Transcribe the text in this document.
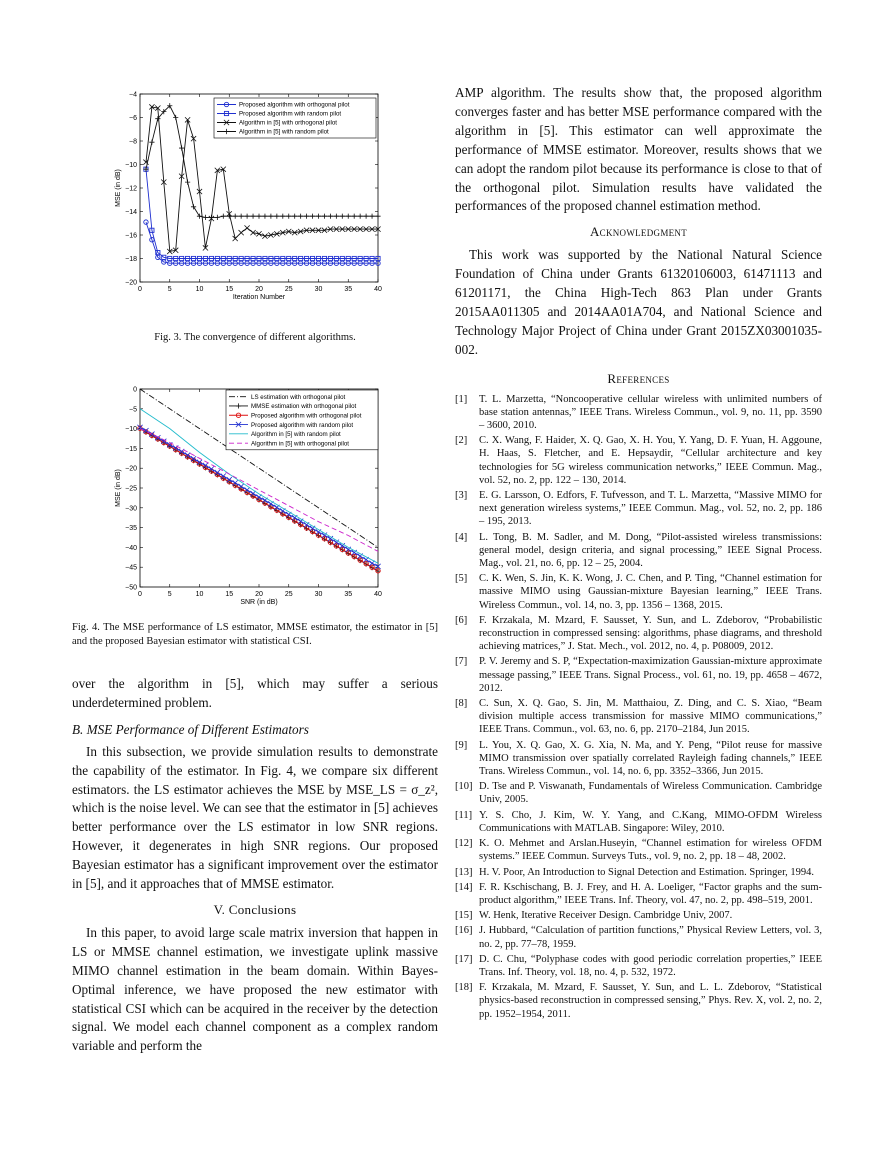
0	5	10	15	20	25	30	35	40
−4
−6
−8
−10
−12
−14
−16
−18
−20
Iteration Number
MSE (in dB)
Proposed algorithm with orthogonal pilot
Proposed algorithm with random pilot
Algorithm in [5] with orthogonal pilot
Algorithm in [5] with random pilot
Fig. 3. The convergence of different algorithms.
0	5	10	15	20	25	30	35	40
0
−5
−10
−15
−20
−25
−30
−35
−40
−45
−50
SNR (in dB)
MSE (in dB)
LS estimation with orthogonal pilot
MMSE estimation with orthogonal pilot
Proposed algorithm with orthogonal pilot
Proposed algorithm with random pilot
Algorithm in [5] with random pilot
Algorithm in [5] with orthogonal pilot
Fig. 4. The MSE performance of LS estimator, MMSE estimator, the estimator in [5] and the proposed Bayesian estimator with statistical CSI.

over the algorithm in [5], which may suffer a serious underdetermined problem.

B. MSE Performance of Different Estimators

In this subsection, we provide simulation results to demonstrate the capability of the estimator. In Fig. 4, we compare six different estimators. the LS estimator achieves the MSE by MSE_LS = σ_z², which is the noise level. We can see that the estimator in [5] achieves better performance over the LS estimator in low SNR regions. However, it degenerates in high SNR regions. Our proposed Bayesian estimator has a significant improvement over the estimator in [5], and it approaches that of MMSE estimator.

V. Conclusions

In this paper, to avoid large scale matrix inversion that happen in LS or MMSE channel estimation, we investigate uplink massive MIMO channel estimation in the beam domain. Within Bayes-Optimal inference, we have proposed the new estimator with statistical CSI which can be acquired in the receiver by the detection signal. We model each channel component as a complex random variable and perform the

AMP algorithm. The results show that, the proposed algorithm converges faster and has better MSE performance compared with the algorithm in [5]. This estimator can well approximate the performance of MMSE estimator. Moreover, results shows that we can adopt the random pilot because its performance is close to that of the orthogonal pilot. Simulation results have validated the performances of the proposed channel estimation method.

Acknowledgment

This work was supported by the National Natural Science Foundation of China under Grants 61320106003, 61471113 and 61201171, the China High-Tech 863 Plan under Grants 2015AA011305 and 2014AA01A704, and National Science and Technology Major Project of China under Grant 2015ZX03001035-002.

References
[1]	T. L. Marzetta, “Noncooperative cellular wireless with unlimited numbers of base station antennas,” IEEE Trans. Wireless Commun., vol. 9, no. 11, pp. 3590 – 3600, 2010.
[2]	C. X. Wang, F. Haider, X. Q. Gao, X. H. You, Y. Yang, D. F. Yuan, H. Aggoune, H. Haas, S. Fletcher, and E. Hepsaydir, “Cellular architecture and key technologies for 5G wireless communication networks,” IEEE Commun. Mag., vol. 52, no. 2, pp. 122 – 130, 2014.
[3]	E. G. Larsson, O. Edfors, F. Tufvesson, and T. L. Marzetta, “Massive MIMO for next generation wireless systems,” IEEE Commun. Mag., vol. 52, no. 2, pp. 186 – 195, 2013.
[4]	L. Tong, B. M. Sadler, and M. Dong, “Pilot-assisted wireless transmissions: general model, design criteria, and signal processing,” IEEE Signal Process. Mag., vol. 21, no. 6, pp. 12 – 25, 2004.
[5]	C. K. Wen, S. Jin, K. K. Wong, J. C. Chen, and P. Ting, “Channel estimation for massive MIMO using Gaussian-mixture Bayesian learning,” IEEE Trans. Wireless Commun., vol. 14, no. 3, pp. 1356 – 1368, 2015.
[6]	F. Krzakala, M. Mzard, F. Sausset, Y. Sun, and L. Zdeborov, “Probabilistic reconstruction in compressed sensing: algorithms, phase diagrams, and threshold achieving matrices,” J. Stat. Mech., vol. 2012, no. 4, p. P08009, 2012.
[7]	P. V. Jeremy and S. P, “Expectation-maximization Gaussian-mixture approximate message passing,” IEEE Trans. Signal Process., vol. 61, no. 19, pp. 4658 – 4672, 2012.
[8]	C. Sun, X. Q. Gao, S. Jin, M. Matthaiou, Z. Ding, and C. S. Xiao, “Beam division multiple access transmission for massive MIMO communications,” IEEE Trans. Commun., vol. 63, no. 6, pp. 2170–2184, Jun 2015.
[9]	L. You, X. Q. Gao, X. G. Xia, N. Ma, and Y. Peng, “Pilot reuse for massive MIMO transmission over spatially correlated Rayleigh fading channels,” IEEE Trans. Wireless Commun., vol. 14, no. 6, pp. 3352–3366, Jun 2015.
[10] D. Tse and P. Viswanath, Fundamentals of Wireless Communication. Cambridge Univ, 2005.
[11] Y. S. Cho, J. Kim, W. Y. Yang, and C.Kang, MIMO-OFDM Wireless Communications with MATLAB. Singapore: Wiley, 2010.
[12] K. O. Mehmet and Arslan.Huseyin, “Channel estimation for wireless OFDM systems.” IEEE Commun. Surveys Tuts., vol. 9, no. 2, pp. 18 – 48, 2002.
[13] H. V. Poor, An Introduction to Signal Detection and Estimation. Springer, 1994.
[14] F. R. Kschischang, B. J. Frey, and H. A. Loeliger, “Factor graphs and the sum-product algorithm,” IEEE Trans. Inf. Theory, vol. 47, no. 2, pp. 498–519, 2001.
[15] W. Henk, Iterative Receiver Design. Cambridge Univ, 2007.
[16] J. Hubbard, “Calculation of partition functions,” Physical Review Letters, vol. 3, no. 2, pp. 77–78, 1959.
[17] D. C. Chu, “Polyphase codes with good periodic correlation properties,” IEEE Trans. Inf. Theory, vol. 18, no. 4, p. 532, 1972.
[18] F. Krzakala, M. Mzard, F. Sausset, Y. Sun, and L. L. Zdeborov, “Statistical physics-based reconstruction in compressed sensing,” Phys. Rev. X, vol. 2, no. 2, pp. 1952–1954, 2011.
